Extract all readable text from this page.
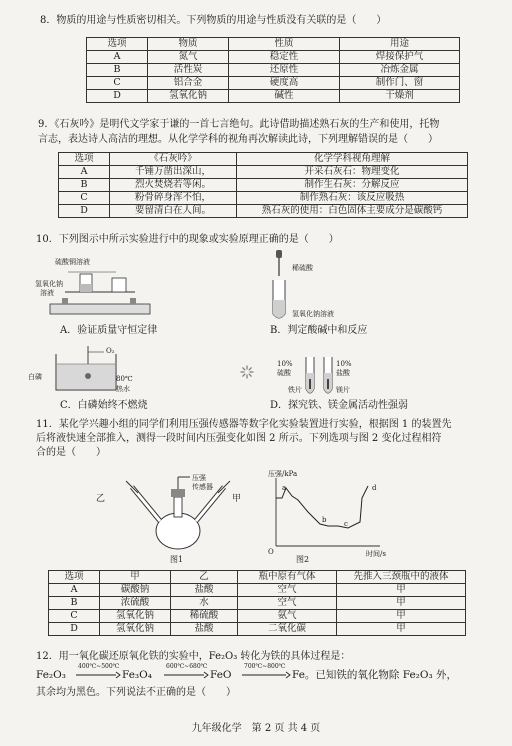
8．物质的用途与性质密切相关。下列物质的用途与性质没有关联的是（　　）
选项	物质	性质	用途
A	氮气	稳定性	焊接保护气
B	活性炭	还原性	冶炼金属
C	铝合金	硬度高	制作门、窗
D	氢氧化钠	碱性	干燥剂
9．《石灰吟》是明代文学家于谦的一首七言绝句。此诗借助描述熟石灰的生产和使用，托物
言志，表达诗人高洁的理想。从化学学科的视角再次解读此诗，下列理解错误的是（　　）
选项	《石灰吟》	化学学科视角理解
A	千锤万凿出深山，	开采石灰石：物理变化
B	烈火焚烧若等闲。	制作生石灰：分解反应
C	粉骨碎身浑不怕，	制作熟石灰：该反应吸热
D	要留清白在人间。	熟石灰的使用：白色固体主要成分是碳酸钙
10．下列图示中所示实验进行中的现象或实验原理正确的是（　　）
硫酸铜溶液
氢氧化钠
溶液
A．验证质量守恒定律
稀硫酸
氢氧化钠溶液
B．判定酸碱中和反应
O₂
白磷	80℃
热水
C．白磷始终不燃烧
10%
硫酸
10%
盐酸
铁片	镁片
D．探究铁、镁金属活动性强弱
11．某化学兴趣小组的同学们利用压强传感器等数字化实验装置进行实验，根据图 1 的装置先
后将液快速全部推入，测得一段时间内压强变化如图 2 所示。下列选项与图 2 变化过程相符
合的是（　　）
乙	甲
压强
传感器
图1
压强/kPa
时间/s
O
a
b	c
d
图2
选项	甲	乙	瓶中原有气体	先推入三颈瓶中的液体
A	碳酸钠	盐酸	空气	甲
B	浓硫酸	水	空气	甲
C	氢氧化钠	稀硫酸	氨气	甲
D	氢氧化钠	盐酸	二氧化碳	甲
12．用一氧化碳还原氧化铁的实验中，Fe₂O₃ 转化为铁的具体过程是：
Fe₂O₃
400℃~500℃
→ Fe₃O₄
600℃~680℃
→ FeO
700℃~800℃
→ Fe。已知铁的氧化物除 Fe₂O₃ 外，
其余均为黑色。下列说法不正确的是（　　）
九年级化学　第 2 页 共 4 页
